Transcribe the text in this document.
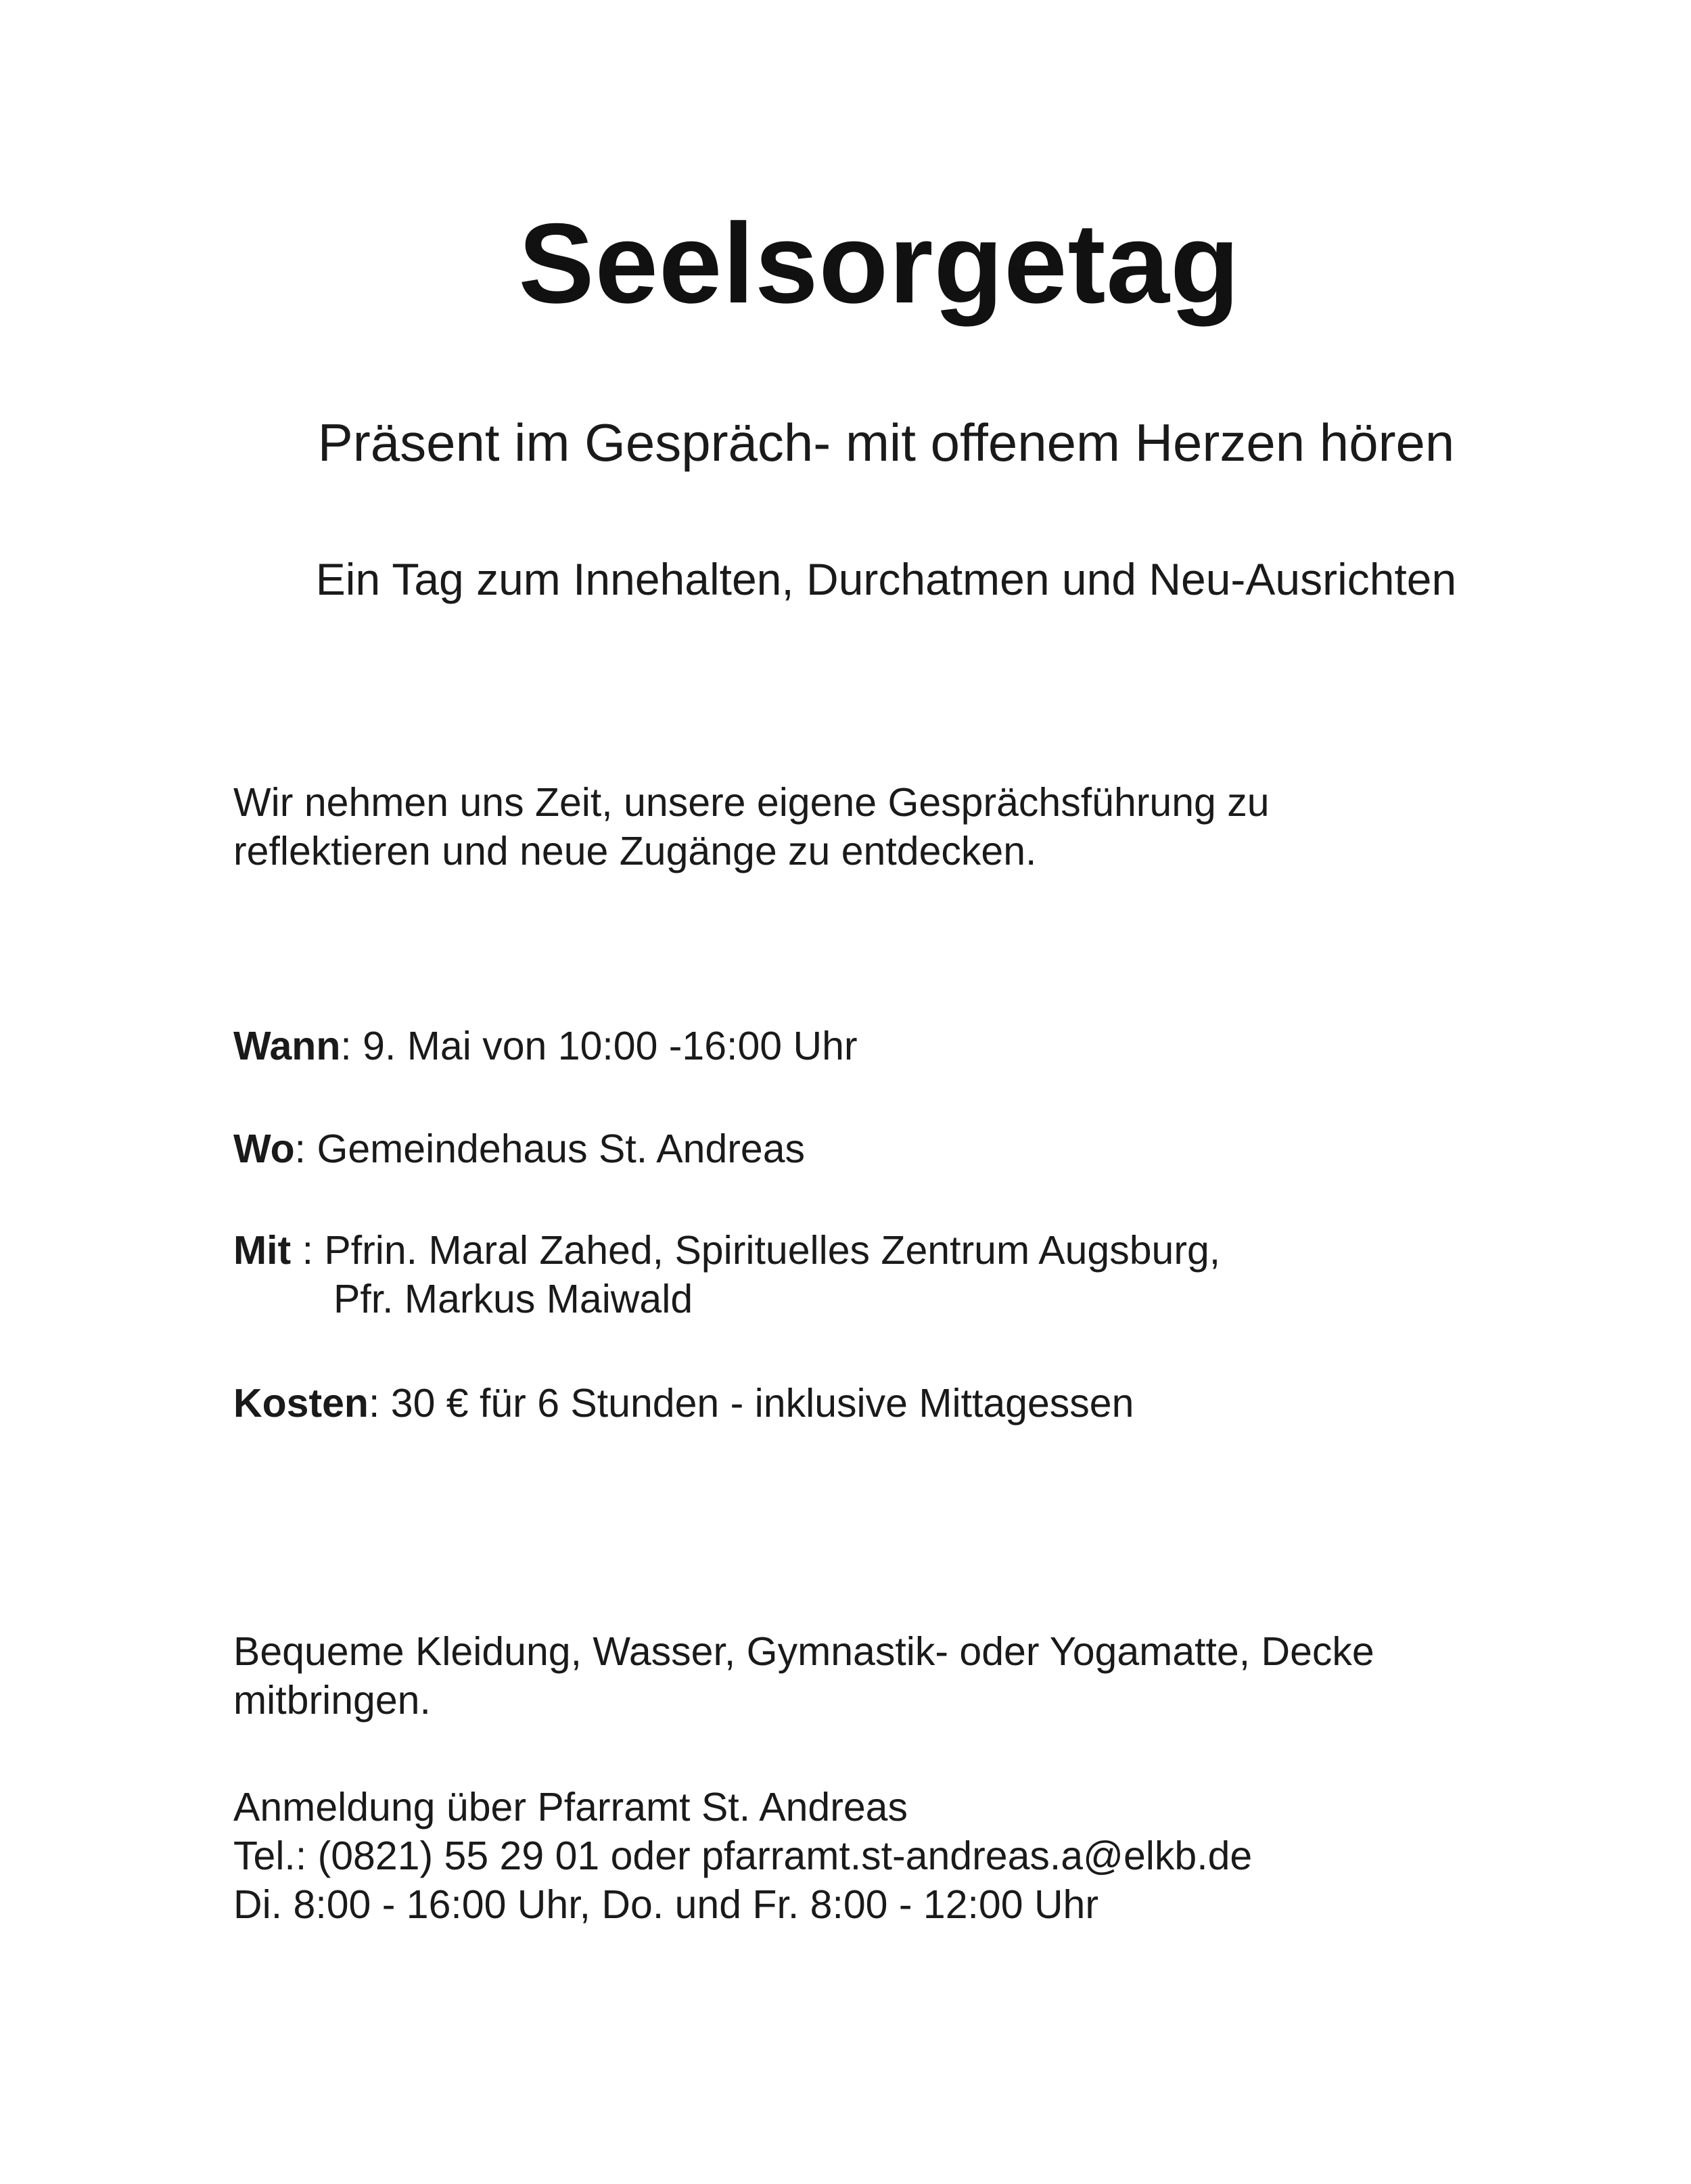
Seelsorgetag

Präsent im Gespräch- mit offenem Herzen hören

Ein Tag zum Innehalten, Durchatmen und Neu-Ausrichten

Wir nehmen uns Zeit, unsere eigene Gesprächsführung zu
reflektieren und neue Zugänge zu entdecken.

Wann: 9. Mai von 10:00 -16:00 Uhr

Wo: Gemeindehaus St. Andreas

Mit : Pfrin. Maral Zahed, Spirituelles Zentrum Augsburg,
Pfr. Markus Maiwald

Kosten: 30 € für 6 Stunden - inklusive Mittagessen

Bequeme Kleidung, Wasser, Gymnastik- oder Yogamatte, Decke
mitbringen.

Anmeldung über Pfarramt St. Andreas
Tel.: (0821) 55 29 01 oder pfarramt.st-andreas.a@elkb.de
Di. 8:00 - 16:00 Uhr, Do. und Fr. 8:00 - 12:00 Uhr
